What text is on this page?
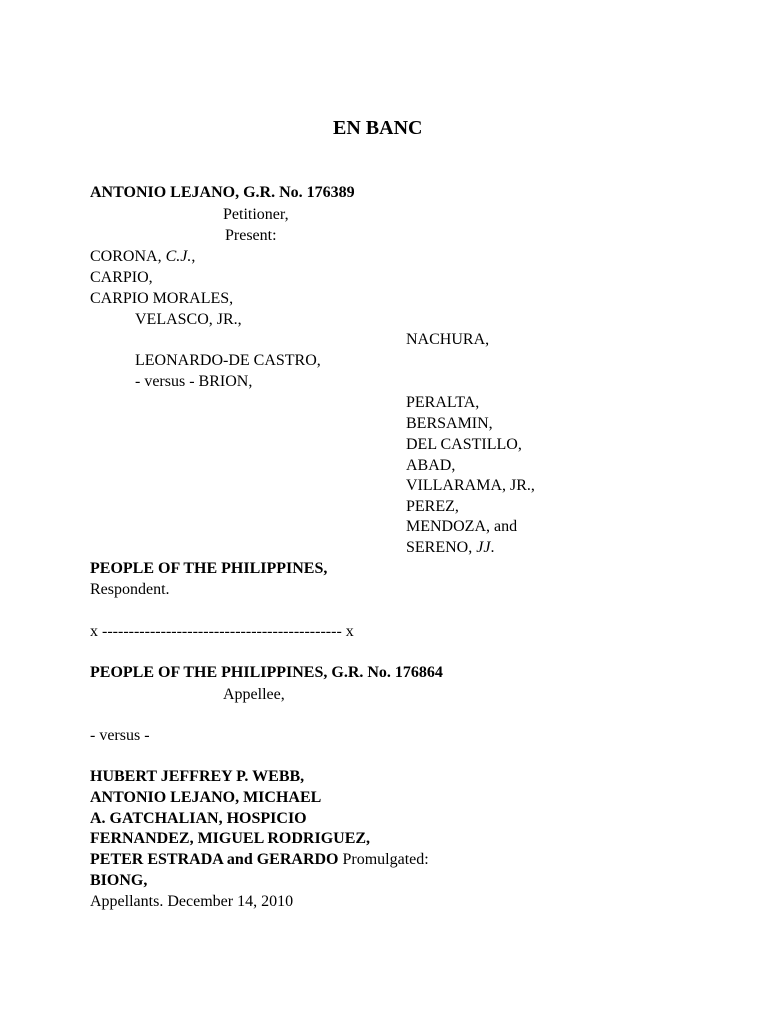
EN BANC
ANTONIO LEJANO, G.R. No. 176389
Petitioner,
Present:
CORONA, C.J.,
CARPIO,
CARPIO MORALES,
VELASCO, JR.,
NACHURA,
LEONARDO-DE CASTRO,
- versus - BRION,
PERALTA,
BERSAMIN,
DEL CASTILLO,
ABAD,
VILLARAMA, JR.,
PEREZ,
MENDOZA, and
SERENO, JJ.
PEOPLE OF THE PHILIPPINES,
Respondent.
x --------------------------------------------- x
PEOPLE OF THE PHILIPPINES, G.R. No. 176864
Appellee,
- versus -
HUBERT JEFFREY P. WEBB,
ANTONIO LEJANO, MICHAEL
A. GATCHALIAN, HOSPICIO
FERNANDEZ, MIGUEL RODRIGUEZ,
PETER ESTRADA and GERARDO Promulgated:
BIONG,
Appellants. December 14, 2010
